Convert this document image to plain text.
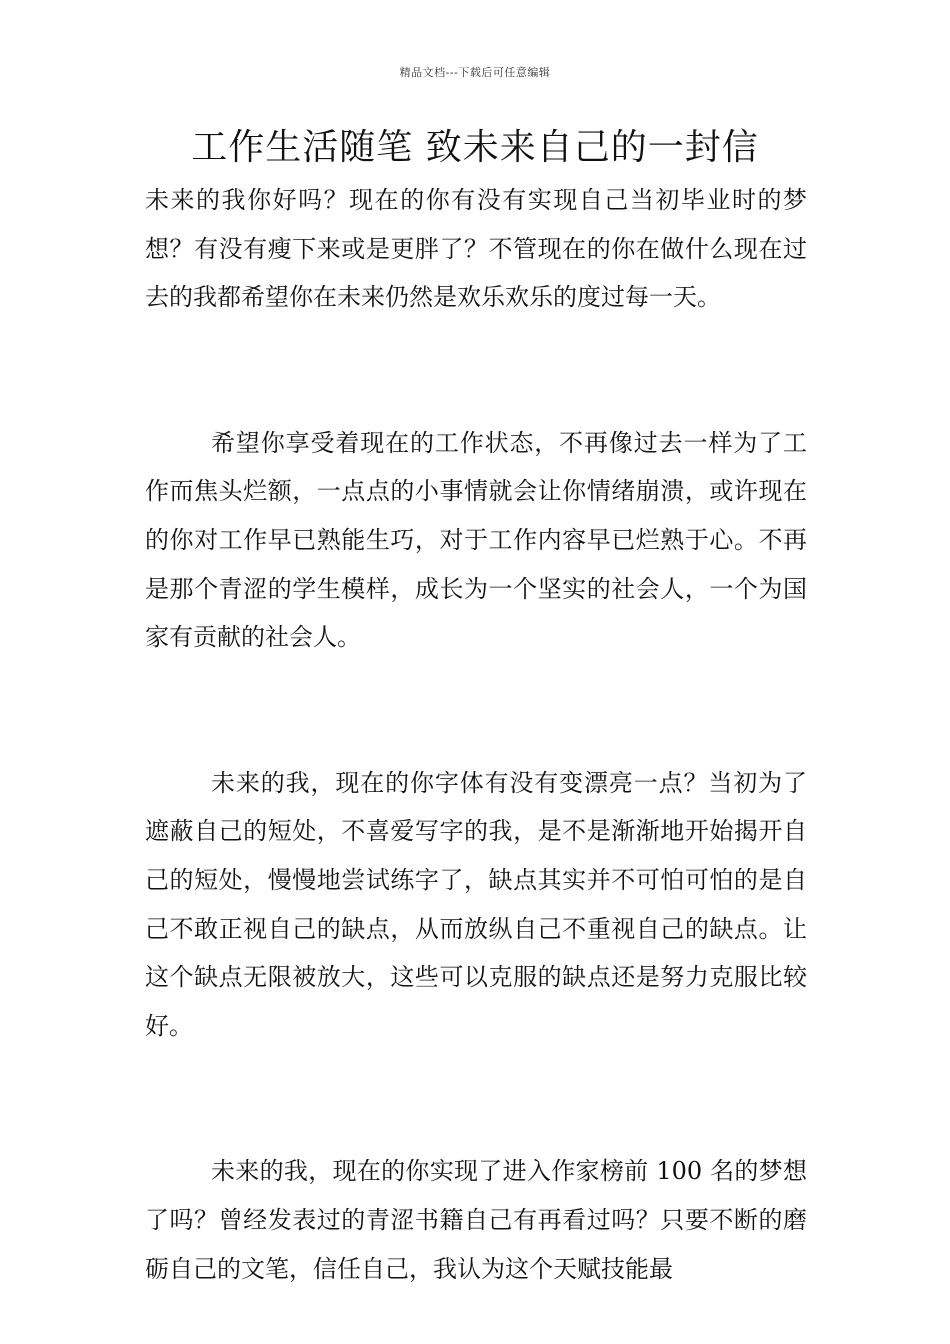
精品文档---下载后可任意编辑
工作生活随笔 致未来自己的一封信

未来的我你好吗？现在的你有没有实现自己当初毕业时的梦想？有没有瘦下来或是更胖了？不管现在的你在做什么现在过去的我都希望你在未来仍然是欢乐欢乐的度过每一天。

希望你享受着现在的工作状态，不再像过去一样为了工作而焦头烂额，一点点的小事情就会让你情绪崩溃，或许现在的你对工作早已熟能生巧，对于工作内容早已烂熟于心。不再是那个青涩的学生模样，成长为一个坚实的社会人，一个为国家有贡献的社会人。

未来的我，现在的你字体有没有变漂亮一点？当初为了遮蔽自己的短处，不喜爱写字的我，是不是渐渐地开始揭开自己的短处，慢慢地尝试练字了，缺点其实并不可怕可怕的是自己不敢正视自己的缺点，从而放纵自己不重视自己的缺点。让这个缺点无限被放大，这些可以克服的缺点还是努力克服比较好。

未来的我，现在的你实现了进入作家榜前 100 名的梦想了吗？曾经发表过的青涩书籍自己有再看过吗？只要不断的磨砺自己的文笔，信任自己，我认为这个天赋技能最
